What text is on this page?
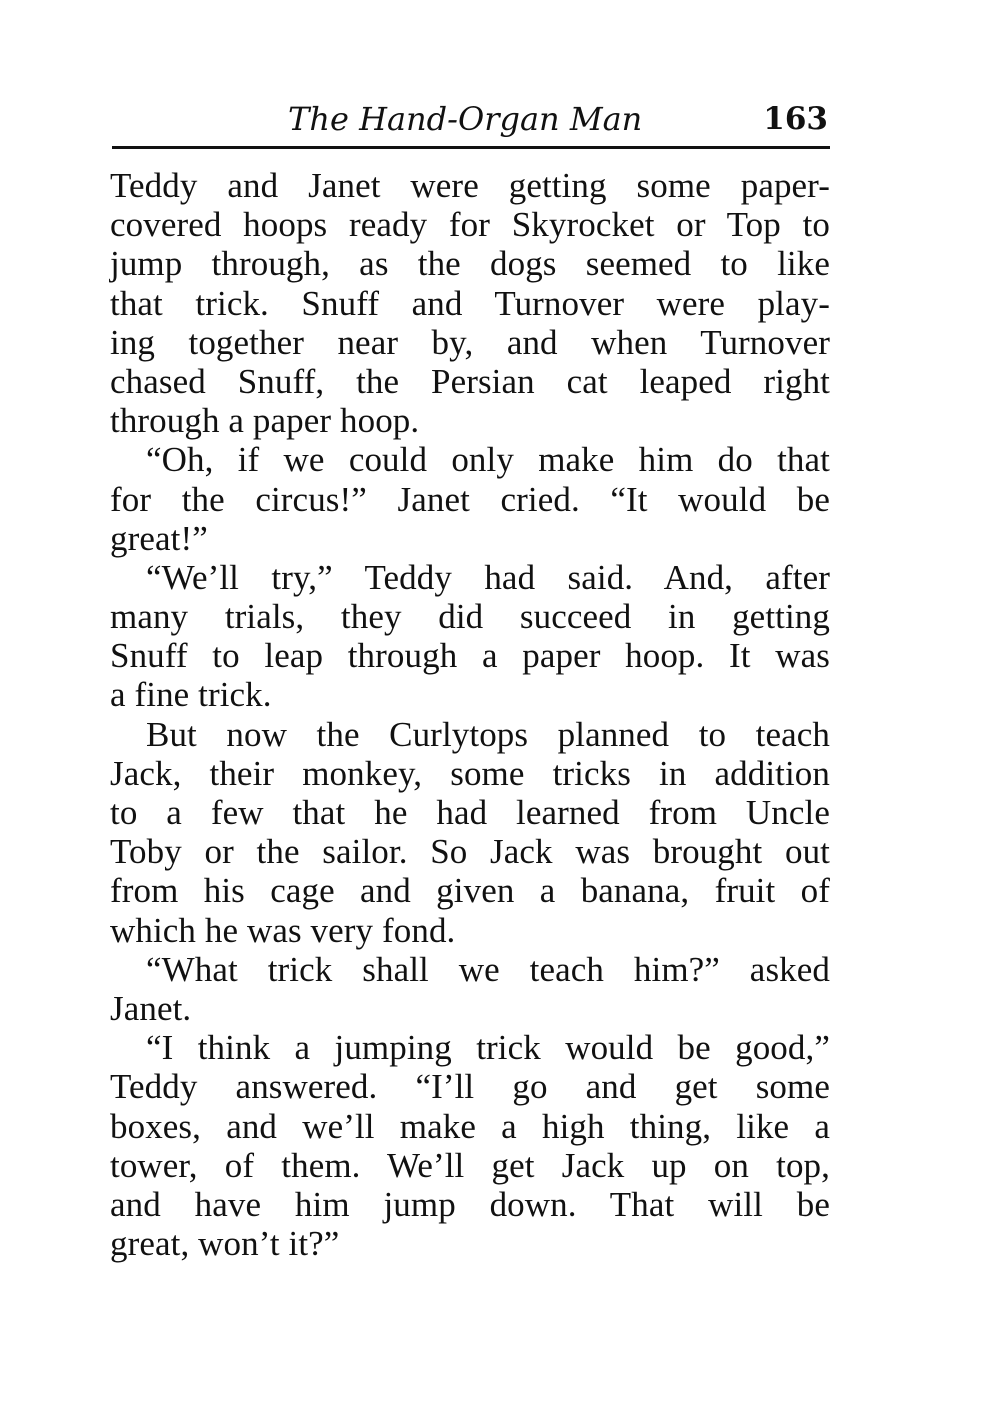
The Hand-Organ Man	163
Teddy and Janet were getting some paper-
covered hoops ready for Skyrocket or Top to
jump through, as the dogs seemed to like
that trick. Snuff and Turnover were play-
ing together near by, and when Turnover
chased Snuff, the Persian cat leaped right
through a paper hoop.
“Oh, if we could only make him do that
for the circus!” Janet cried. “It would be
great!”
“We’ll try,” Teddy had said. And, after
many trials, they did succeed in getting
Snuff to leap through a paper hoop. It was
a fine trick.
But now the Curlytops planned to teach
Jack, their monkey, some tricks in addition
to a few that he had learned from Uncle
Toby or the sailor. So Jack was brought out
from his cage and given a banana, fruit of
which he was very fond.
“What trick shall we teach him?” asked
Janet.
“I think a jumping trick would be good,”
Teddy answered. “I’ll go and get some
boxes, and we’ll make a high thing, like a
tower, of them. We’ll get Jack up on top,
and have him jump down. That will be
great, won’t it?”
